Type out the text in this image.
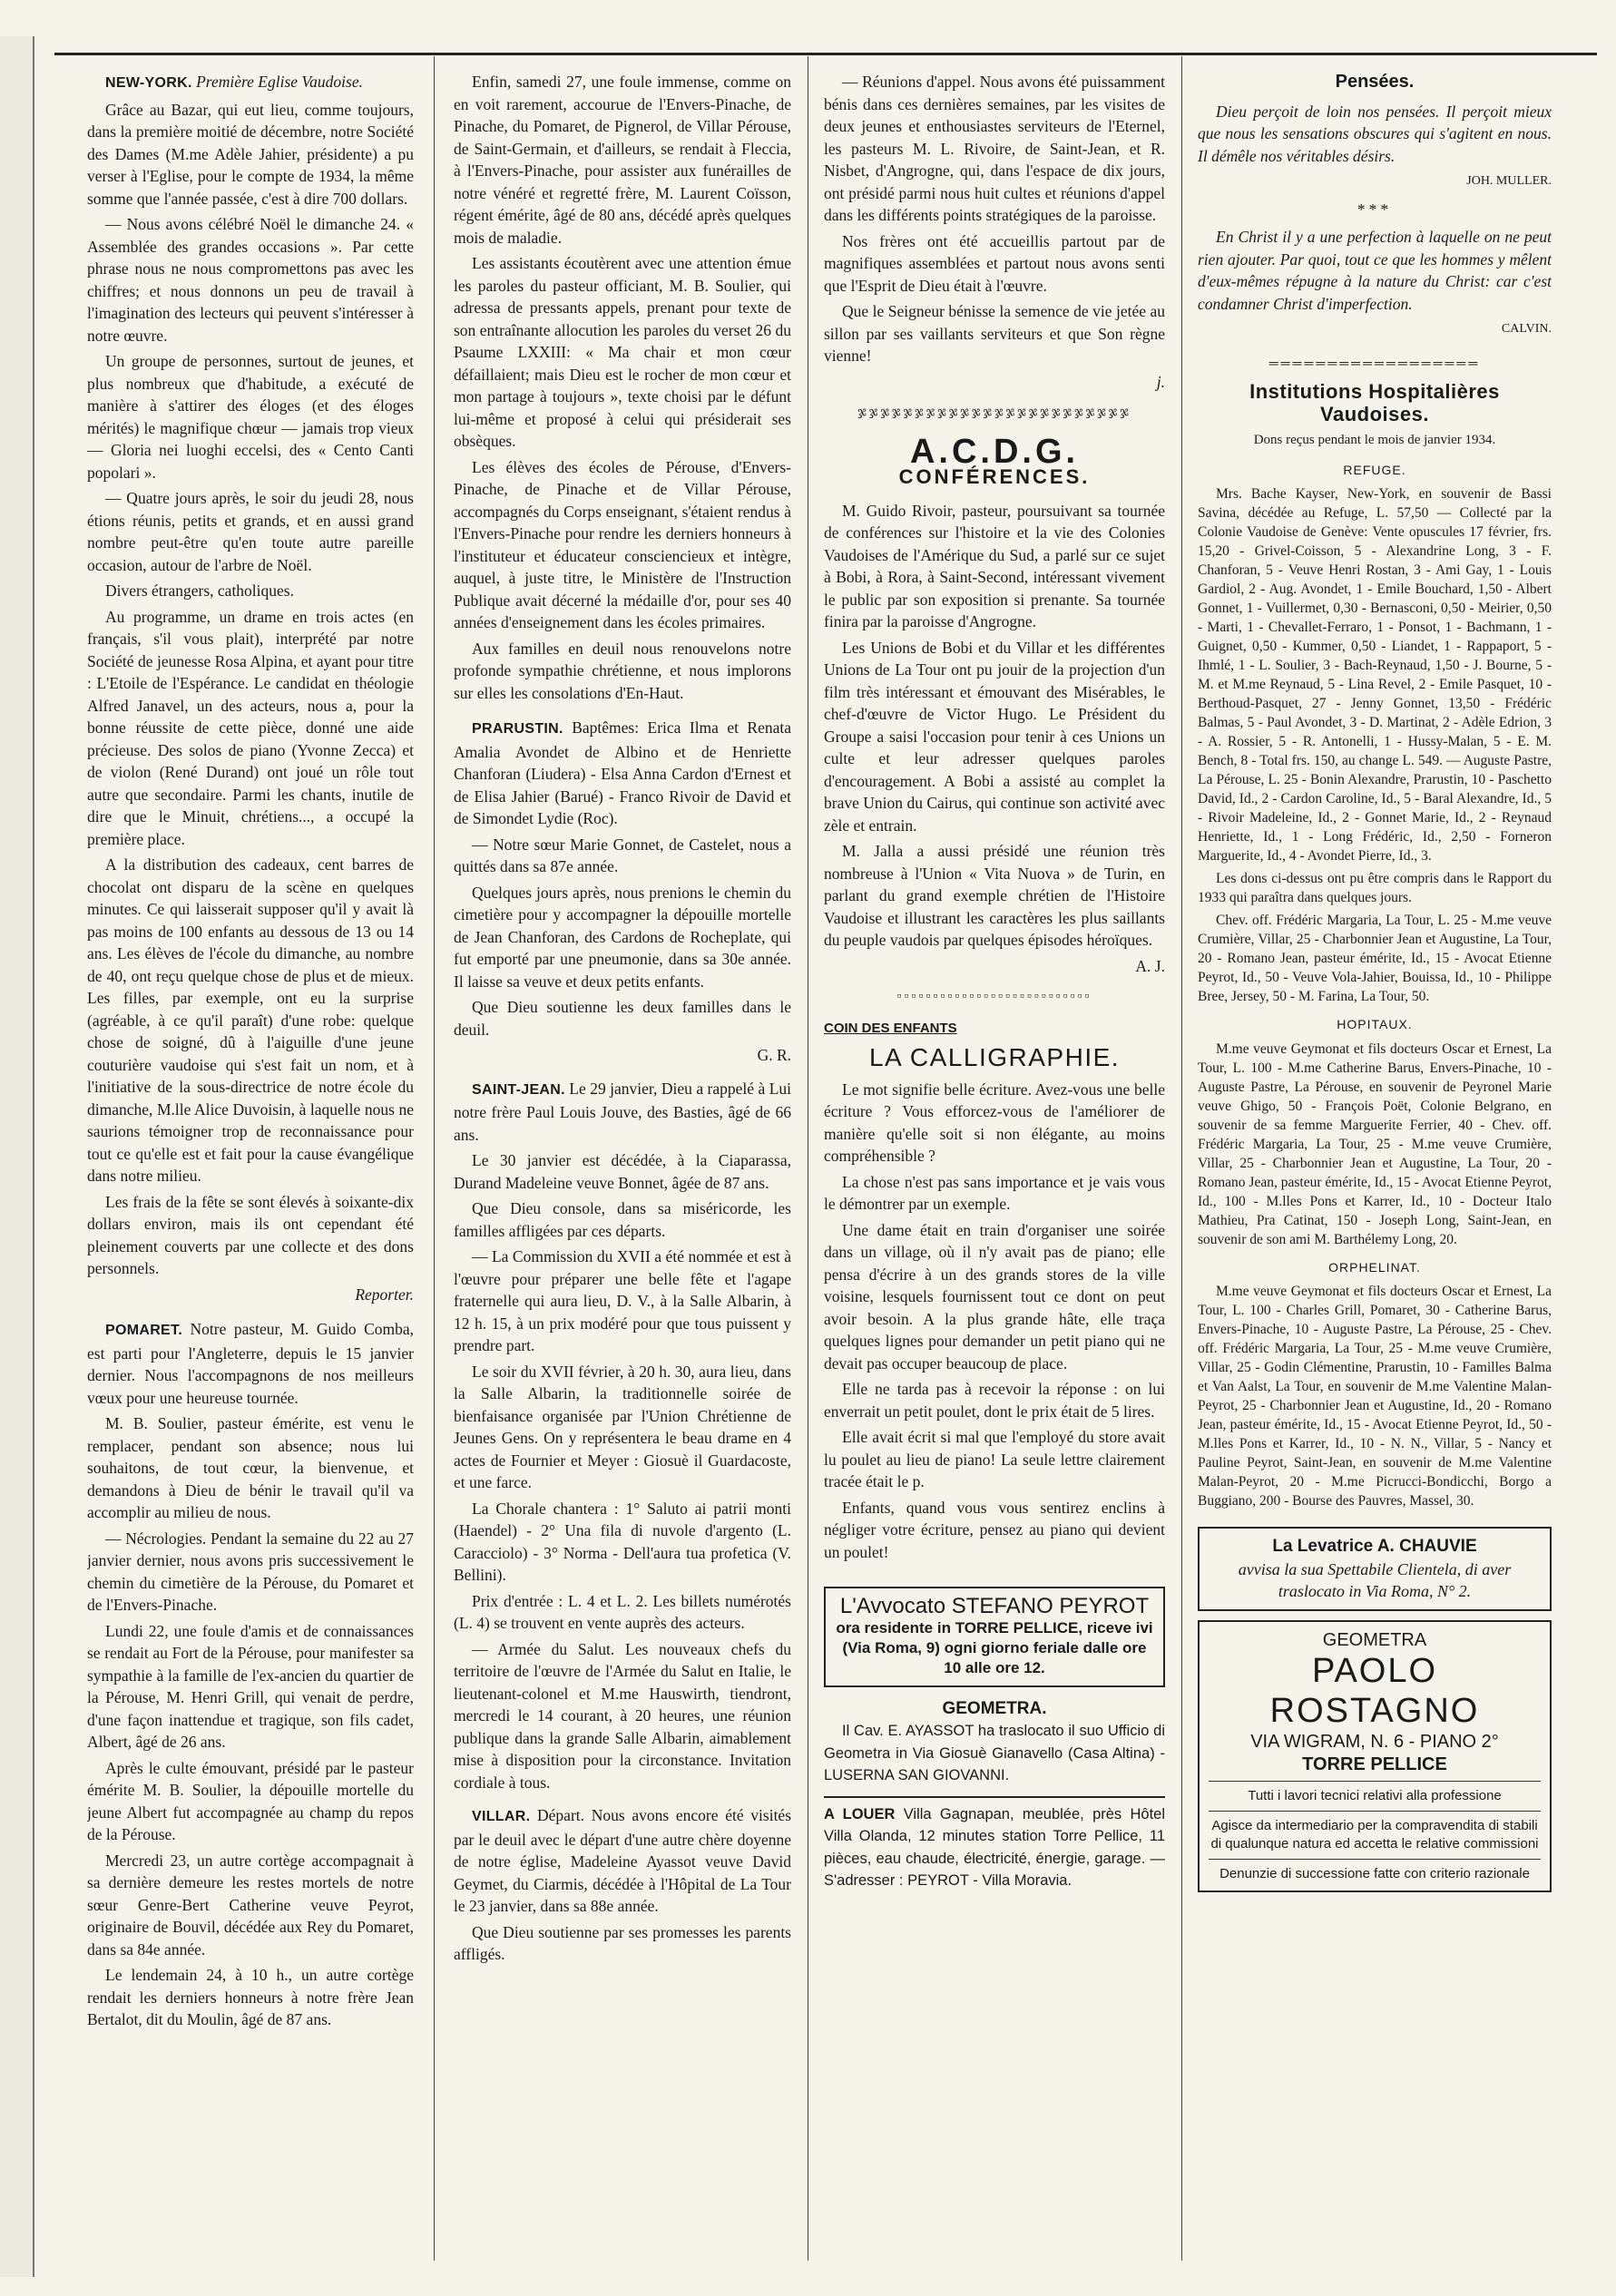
NEW-YORK. Première Eglise Vaudoise.

Grâce au Bazar, qui eut lieu, comme toujours, dans la première moitié de décembre, notre Société des Dames (M.me Adèle Jahier, présidente) a pu verser à l'Eglise, pour le compte de 1934, la même somme que l'année passée, c'est à dire 700 dollars.

— Nous avons célébré Noël le dimanche 24. « Assemblée des grandes occasions ». Par cette phrase nous ne nous compromettons pas avec les chiffres; et nous donnons un peu de travail à l'imagination des lecteurs qui peuvent s'intéresser à notre œuvre.

Un groupe de personnes, surtout de jeunes, et plus nombreux que d'habitude, a exécuté de manière à s'attirer des éloges (et des éloges mérités) le magnifique chœur — jamais trop vieux — Gloria nei luoghi eccelsi, des « Cento Canti popolari ».

— Quatre jours après, le soir du jeudi 28, nous étions réunis, petits et grands, et en aussi grand nombre peut-être qu'en toute autre pareille occasion, autour de l'arbre de Noël.

Divers étrangers, catholiques.

Au programme, un drame en trois actes (en français, s'il vous plait), interprété par notre Société de jeunesse Rosa Alpina, et ayant pour titre : L'Etoile de l'Espérance. Le candidat en théologie Alfred Janavel, un des acteurs, nous a, pour la bonne réussite de cette pièce, donné une aide précieuse. Des solos de piano (Yvonne Zecca) et de violon (René Durand) ont joué un rôle tout autre que secondaire. Parmi les chants, inutile de dire que le Minuit, chrétiens..., a occupé la première place.

A la distribution des cadeaux, cent barres de chocolat ont disparu de la scène en quelques minutes. Ce qui laisserait supposer qu'il y avait là pas moins de 100 enfants au dessous de 13 ou 14 ans. Les élèves de l'école du dimanche, au nombre de 40, ont reçu quelque chose de plus et de mieux. Les filles, par exemple, ont eu la surprise (agréable, à ce qu'il paraît) d'une robe: quelque chose de soigné, dû à l'aiguille d'une jeune couturière vaudoise qui s'est fait un nom, et à l'initiative de la sous-directrice de notre école du dimanche, M.lle Alice Duvoisin, à laquelle nous ne saurions témoigner trop de reconnaissance pour tout ce qu'elle est et fait pour la cause évangélique dans notre milieu.

Les frais de la fête se sont élevés à soixante-dix dollars environ, mais ils ont cependant été pleinement couverts par une collecte et des dons personnels.

Reporter.

POMARET. Notre pasteur, M. Guido Comba, est parti pour l'Angleterre, depuis le 15 janvier dernier. Nous l'accompagnons de nos meilleurs vœux pour une heureuse tournée.

M. B. Soulier, pasteur émérite, est venu le remplacer, pendant son absence; nous lui souhaitons, de tout cœur, la bienvenue, et demandons à Dieu de bénir le travail qu'il va accomplir au milieu de nous.

— Nécrologies. Pendant la semaine du 22 au 27 janvier dernier, nous avons pris successivement le chemin du cimetière de la Pérouse, du Pomaret et de l'Envers-Pinache.

Lundi 22, une foule d'amis et de connaissances se rendait au Fort de la Pérouse, pour manifester sa sympathie à la famille de l'ex-ancien du quartier de la Pérouse, M. Henri Grill, qui venait de perdre, d'une façon inattendue et tragique, son fils cadet, Albert, âgé de 26 ans.

Après le culte émouvant, présidé par le pasteur émérite M. B. Soulier, la dépouille mortelle du jeune Albert fut accompagnée au champ du repos de la Pérouse.

Mercredi 23, un autre cortège accompagnait à sa dernière demeure les restes mortels de notre sœur Genre-Bert Catherine veuve Peyrot, originaire de Bouvil, décédée aux Rey du Pomaret, dans sa 84e année.

Le lendemain 24, à 10 h., un autre cortège rendait les derniers honneurs à notre frère Jean Bertalot, dit du Moulin, âgé de 87 ans.

Enfin, samedi 27, une foule immense, comme on en voit rarement, accourue de l'Envers-Pinache, de Pinache, du Pomaret, de Pignerol, de Villar Pérouse, de Saint-Germain, et d'ailleurs, se rendait à Fleccia, à l'Envers-Pinache, pour assister aux funérailles de notre vénéré et regretté frère, M. Laurent Coïsson, régent émérite, âgé de 80 ans, décédé après quelques mois de maladie.

Les assistants écoutèrent avec une attention émue les paroles du pasteur officiant, M. B. Soulier, qui adressa de pressants appels, prenant pour texte de son entraînante allocution les paroles du verset 26 du Psaume LXXIII: « Ma chair et mon cœur défaillaient; mais Dieu est le rocher de mon cœur et mon partage à toujours », texte choisi par le défunt lui-même et proposé à celui qui présiderait ses obsèques.

Les élèves des écoles de Pérouse, d'Envers-Pinache, de Pinache et de Villar Pérouse, accompagnés du Corps enseignant, s'étaient rendus à l'Envers-Pinache pour rendre les derniers honneurs à l'instituteur et éducateur consciencieux et intègre, auquel, à juste titre, le Ministère de l'Instruction Publique avait décerné la médaille d'or, pour ses 40 années d'enseignement dans les écoles primaires.

Aux familles en deuil nous renouvelons notre profonde sympathie chrétienne, et nous implorons sur elles les consolations d'En-Haut.

PRARUSTIN. Baptêmes: Erica Ilma et Renata Amalia Avondet de Albino et de Henriette Chanforan (Liudera) - Elsa Anna Cardon d'Ernest et de Elisa Jahier (Barué) - Franco Rivoir de David et de Simondet Lydie (Roc).

— Notre sœur Marie Gonnet, de Castelet, nous a quittés dans sa 87e année.

Quelques jours après, nous prenions le chemin du cimetière pour y accompagner la dépouille mortelle de Jean Chanforan, des Cardons de Rocheplate, qui fut emporté par une pneumonie, dans sa 30e année. Il laisse sa veuve et deux petits enfants.

Que Dieu soutienne les deux familles dans le deuil.

G. R.

SAINT-JEAN. Le 29 janvier, Dieu a rappelé à Lui notre frère Paul Louis Jouve, des Basties, âgé de 66 ans.

Le 30 janvier est décédée, à la Ciaparassa, Durand Madeleine veuve Bonnet, âgée de 87 ans.

Que Dieu console, dans sa miséricorde, les familles affligées par ces départs.

— La Commission du XVII a été nommée et est à l'œuvre pour préparer une belle fête et l'agape fraternelle qui aura lieu, D. V., à la Salle Albarin, à 12 h. 15, à un prix modéré pour que tous puissent y prendre part.

Le soir du XVII février, à 20 h. 30, aura lieu, dans la Salle Albarin, la traditionnelle soirée de bienfaisance organisée par l'Union Chrétienne de Jeunes Gens. On y représentera le beau drame en 4 actes de Fournier et Meyer : Giosuè il Guardacoste, et une farce.

La Chorale chantera : 1° Saluto ai patrii monti (Haendel) - 2° Una fila di nuvole d'argento (L. Caracciolo) - 3° Norma - Dell'aura tua profetica (V. Bellini).

Prix d'entrée : L. 4 et L. 2. Les billets numérotés (L. 4) se trouvent en vente auprès des acteurs.

— Armée du Salut. Les nouveaux chefs du territoire de l'œuvre de l'Armée du Salut en Italie, le lieutenant-colonel et M.me Hauswirth, tiendront, mercredi le 14 courant, à 20 heures, une réunion publique dans la grande Salle Albarin, aimablement mise à disposition pour la circonstance. Invitation cordiale à tous.

VILLAR. Départ. Nous avons encore été visités par le deuil avec le départ d'une autre chère doyenne de notre église, Madeleine Ayassot veuve David Geymet, du Ciarmis, décédée à l'Hôpital de La Tour le 23 janvier, dans sa 88e année.

Que Dieu soutienne par ses promesses les parents affligés.

— Réunions d'appel. Nous avons été puissamment bénis dans ces dernières semaines, par les visites de deux jeunes et enthousiastes serviteurs de l'Eternel, les pasteurs M. L. Rivoire, de Saint-Jean, et R. Nisbet, d'Angrogne, qui, dans l'espace de dix jours, ont présidé parmi nous huit cultes et réunions d'appel dans les différents points stratégiques de la paroisse.

Nos frères ont été accueillis partout par de magnifiques assemblées et partout nous avons senti que l'Esprit de Dieu était à l'œuvre.

Que le Seigneur bénisse la semence de vie jetée au sillon par ses vaillants serviteurs et que Son règne vienne!

j.
ჯჯჯჯჯჯჯჯჯჯჯჯჯჯჯჯჯჯჯჯჯჯჯჯ
A.C.D.G.
CONFÉRENCES.

M. Guido Rivoir, pasteur, poursuivant sa tournée de conférences sur l'histoire et la vie des Colonies Vaudoises de l'Amérique du Sud, a parlé sur ce sujet à Bobi, à Rora, à Saint-Second, intéressant vivement le public par son exposition si prenante. Sa tournée finira par la paroisse d'Angrogne.

Les Unions de Bobi et du Villar et les différentes Unions de La Tour ont pu jouir de la projection d'un film très intéressant et émouvant des Misérables, le chef-d'œuvre de Victor Hugo. Le Président du Groupe a saisi l'occasion pour tenir à ces Unions un culte et leur adresser quelques paroles d'encouragement. A Bobi a assisté au complet la brave Union du Cairus, qui continue son activité avec zèle et entrain.

M. Jalla a aussi présidé une réunion très nombreuse à l'Union « Vita Nuova » de Turin, en parlant du grand exemple chrétien de l'Histoire Vaudoise et illustrant les caractères les plus saillants du peuple vaudois par quelques épisodes héroïques.

A. J.
▫▫▫▫▫▫▫▫▫▫▫▫▫▫▫▫▫▫▫▫▫▫▫▫▫▫▫
COIN DES ENFANTS
LA CALLIGRAPHIE.

Le mot signifie belle écriture. Avez-vous une belle écriture ? Vous efforcez-vous de l'améliorer de manière qu'elle soit si non élégante, au moins compréhensible ?

La chose n'est pas sans importance et je vais vous le démontrer par un exemple.

Une dame était en train d'organiser une soirée dans un village, où il n'y avait pas de piano; elle pensa d'écrire à un des grands stores de la ville voisine, lesquels fournissent tout ce dont on peut avoir besoin. A la plus grande hâte, elle traça quelques lignes pour demander un petit piano qui ne devait pas occuper beaucoup de place.

Elle ne tarda pas à recevoir la réponse : on lui enverrait un petit poulet, dont le prix était de 5 lires.

Elle avait écrit si mal que l'employé du store avait lu poulet au lieu de piano! La seule lettre clairement tracée était le p.

Enfants, quand vous vous sentirez enclins à négliger votre écriture, pensez au piano qui devient un poulet!

L'Avvocato STEFANO PEYROT
ora residente in TORRE PELLICE, riceve ivi (Via Roma, 9) ogni giorno feriale dalle ore 10 alle ore 12.
GEOMETRA.

Il Cav. E. AYASSOT ha traslocato il suo Ufficio di Geometra in Via Giosuè Gianavello (Casa Altina) - LUSERNA SAN GIOVANNI.

A LOUER Villa Gagnapan, meublée, près Hôtel Villa Olanda, 12 minutes station Torre Pellice, 11 pièces, eau chaude, électricité, énergie, garage. — S'adresser : PEYROT - Villa Moravia.

Pensées.

Dieu perçoit de loin nos pensées. Il perçoit mieux que nous les sensations obscures qui s'agitent en nous. Il démêle nos véritables désirs.

JOH. MULLER.
***

En Christ il y a une perfection à laquelle on ne peut rien ajouter. Par quoi, tout ce que les hommes y mêlent d'eux-mêmes répugne à la nature du Christ: car c'est condamner Christ d'imperfection.

CALVIN.
══════════════════
Institutions Hospitalières Vaudoises.
Dons reçus pendant le mois de janvier 1934.
REFUGE.

Mrs. Bache Kayser, New-York, en souvenir de Bassi Savina, décédée au Refuge, L. 57,50 — Collecté par la Colonie Vaudoise de Genève: Vente opuscules 17 février, frs. 15,20 - Grivel-Coisson, 5 - Alexandrine Long, 3 - F. Chanforan, 5 - Veuve Henri Rostan, 3 - Ami Gay, 1 - Louis Gardiol, 2 - Aug. Avondet, 1 - Emile Bouchard, 1,50 - Albert Gonnet, 1 - Vuillermet, 0,30 - Bernasconi, 0,50 - Meirier, 0,50 - Marti, 1 - Chevallet-Ferraro, 1 - Ponsot, 1 - Bachmann, 1 - Guignet, 0,50 - Kummer, 0,50 - Liandet, 1 - Rappaport, 5 - Ihmlé, 1 - L. Soulier, 3 - Bach-Reynaud, 1,50 - J. Bourne, 5 - M. et M.me Reynaud, 5 - Lina Revel, 2 - Emile Pasquet, 10 - Berthoud-Pasquet, 27 - Jenny Gonnet, 13,50 - Frédéric Balmas, 5 - Paul Avondet, 3 - D. Martinat, 2 - Adèle Edrion, 3 - A. Rossier, 5 - R. Antonelli, 1 - Hussy-Malan, 5 - E. M. Bench, 8 - Total frs. 150, au change L. 549. — Auguste Pastre, La Pérouse, L. 25 - Bonin Alexandre, Prarustin, 10 - Paschetto David, Id., 2 - Cardon Caroline, Id., 5 - Baral Alexandre, Id., 5 - Rivoir Madeleine, Id., 2 - Gonnet Marie, Id., 2 - Reynaud Henriette, Id., 1 - Long Frédéric, Id., 2,50 - Forneron Marguerite, Id., 4 - Avondet Pierre, Id., 3.

Les dons ci-dessus ont pu être compris dans le Rapport du 1933 qui paraîtra dans quelques jours.

Chev. off. Frédéric Margaria, La Tour, L. 25 - M.me veuve Crumière, Villar, 25 - Charbonnier Jean et Augustine, La Tour, 20 - Romano Jean, pasteur émérite, Id., 15 - Avocat Etienne Peyrot, Id., 50 - Veuve Vola-Jahier, Bouissa, Id., 10 - Philippe Bree, Jersey, 50 - M. Farina, La Tour, 50.

HOPITAUX.

M.me veuve Geymonat et fils docteurs Oscar et Ernest, La Tour, L. 100 - M.me Catherine Barus, Envers-Pinache, 10 - Auguste Pastre, La Pérouse, en souvenir de Peyronel Marie veuve Ghigo, 50 - François Poët, Colonie Belgrano, en souvenir de sa femme Marguerite Ferrier, 40 - Chev. off. Frédéric Margaria, La Tour, 25 - M.me veuve Crumière, Villar, 25 - Charbonnier Jean et Augustine, La Tour, 20 - Romano Jean, pasteur émérite, Id., 15 - Avocat Etienne Peyrot, Id., 100 - M.lles Pons et Karrer, Id., 10 - Docteur Italo Mathieu, Pra Catinat, 150 - Joseph Long, Saint-Jean, en souvenir de son ami M. Barthélemy Long, 20.

ORPHELINAT.

M.me veuve Geymonat et fils docteurs Oscar et Ernest, La Tour, L. 100 - Charles Grill, Pomaret, 30 - Catherine Barus, Envers-Pinache, 10 - Auguste Pastre, La Pérouse, 25 - Chev. off. Frédéric Margaria, La Tour, 25 - M.me veuve Crumière, Villar, 25 - Godin Clémentine, Prarustin, 10 - Familles Balma et Van Aalst, La Tour, en souvenir de M.me Valentine Malan-Peyrot, 25 - Charbonnier Jean et Augustine, Id., 20 - Romano Jean, pasteur émérite, Id., 15 - Avocat Etienne Peyrot, Id., 50 - M.lles Pons et Karrer, Id., 10 - N. N., Villar, 5 - Nancy et Pauline Peyrot, Saint-Jean, en souvenir de M.me Valentine Malan-Peyrot, 20 - M.me Picrucci-Bondicchi, Borgo a Buggiano, 200 - Bourse des Pauvres, Massel, 30.

La Levatrice A. CHAUVIE
avvisa la sua Spettabile Clientela, di aver traslocato in Via Roma, N° 2.
GEOMETRA
PAOLO ROSTAGNO
VIA WIGRAM, N. 6 - PIANO 2°
TORRE PELLICE
Tutti i lavori tecnici relativi alla professione
Agisce da intermediario per la compravendita di stabili di qualunque natura ed accetta le relative commissioni
Denunzie di successione fatte con criterio razionale
